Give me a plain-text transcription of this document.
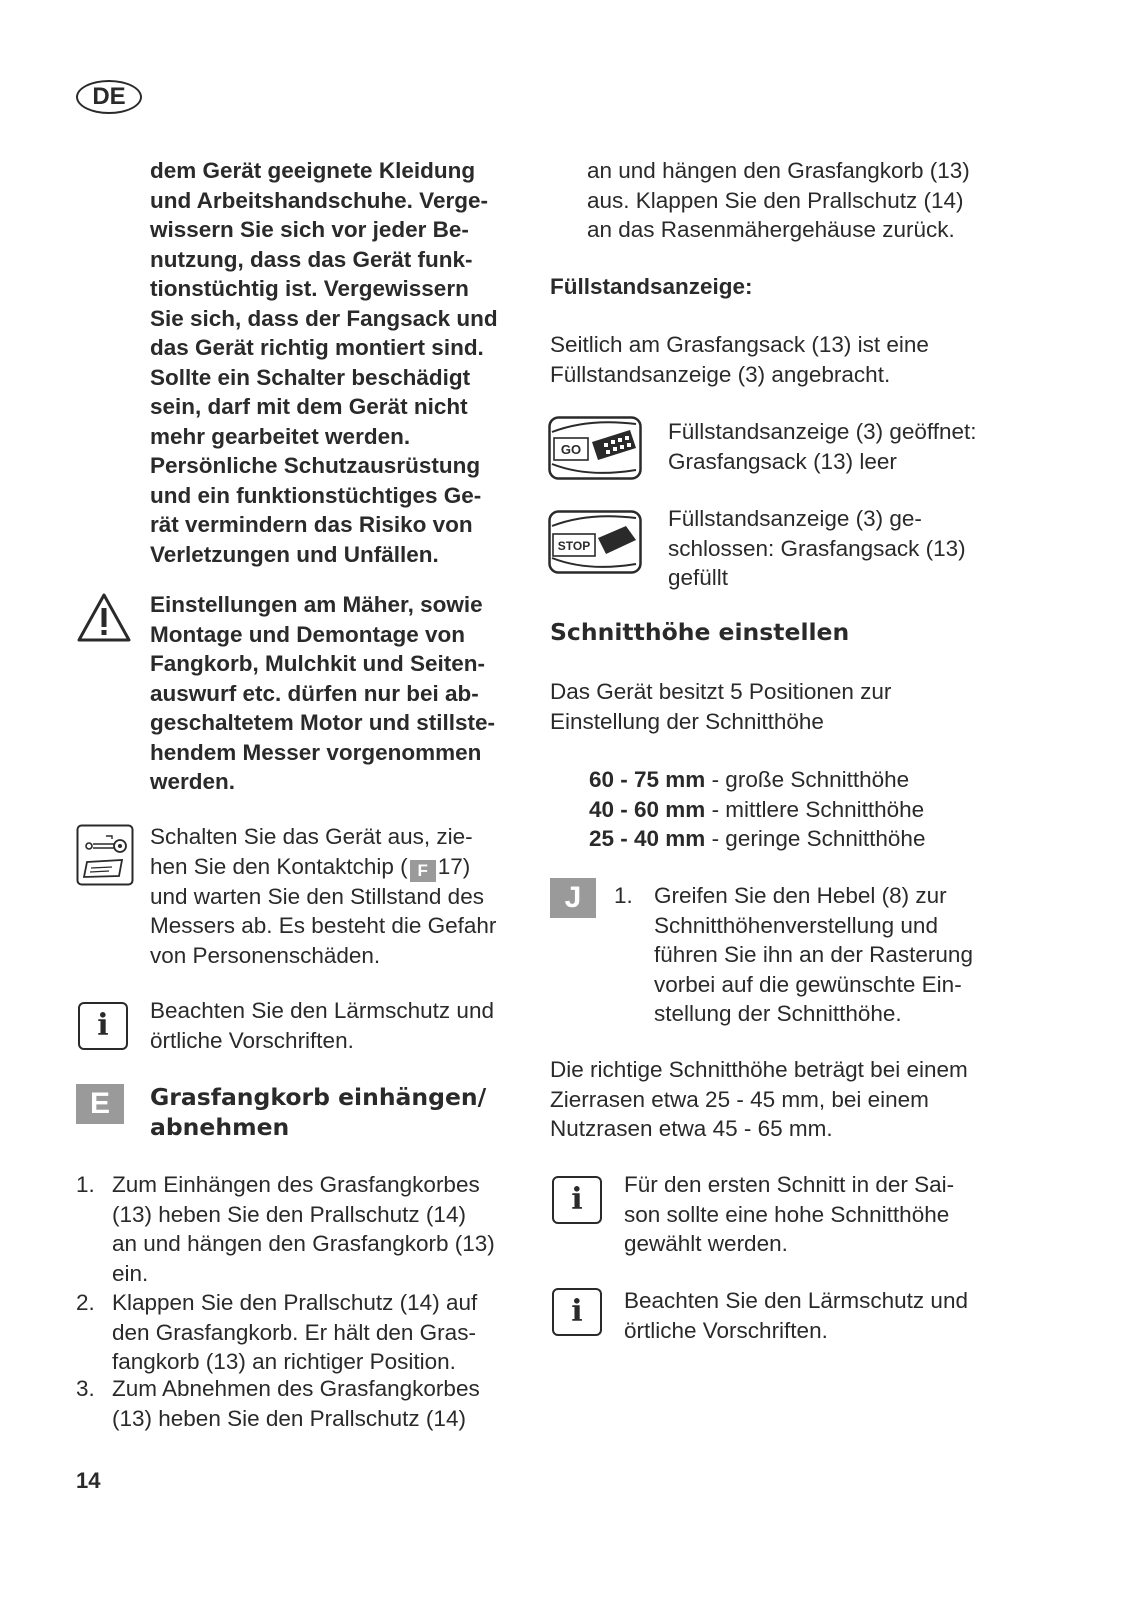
DE
dem Gerät geeignete Kleidung
und Arbeitshandschuhe. Verge-
wissern Sie sich vor jeder Be-
nutzung, dass das Gerät funk-
tionstüchtig ist. Vergewissern
Sie sich, dass der Fangsack und
das Gerät richtig montiert sind.
Sollte ein Schalter beschädigt
sein, darf mit dem Gerät nicht
mehr gearbeitet werden.
Persönliche Schutzausrüstung
und ein funktionstüchtiges Ge-
rät vermindern das Risiko von
Verletzungen und Unfällen.
Einstellungen am Mäher, sowie
Montage und Demontage von
Fangkorb, Mulchkit und Seiten-
auswurf etc. dürfen nur bei ab-
geschaltetem Motor und stillste-
hendem Messer vorgenommen
werden.
Schalten Sie das Gerät aus, zie-
hen Sie den Kontaktchip ( F 17)
und warten Sie den Stillstand des
Messers ab. Es besteht die Gefahr
von Personenschäden.
i	Beachten Sie den Lärmschutz und
örtliche Vorschriften.
E	Grasfangkorb einhängen/
abnehmen
1. Zum Einhängen des Grasfangkorbes
(13) heben Sie den Prallschutz (14)
an und hängen den Grasfangkorb (13)
ein.
2. Klappen Sie den Prallschutz (14) auf
den Grasfangkorb. Er hält den Gras-
fangkorb (13) an richtiger Position.
3. Zum Abnehmen des Grasfangkorbes
(13) heben Sie den Prallschutz (14)
an und hängen den Grasfangkorb (13)
aus. Klappen Sie den Prallschutz (14)
an das Rasenmähergehäuse zurück.
Füllstandsanzeige:
Seitlich am Grasfangsack (13) ist eine
Füllstandsanzeige (3) angebracht.
GO
Füllstandsanzeige (3) geöffnet:
Grasfangsack (13) leer
STOP
Füllstandsanzeige (3) ge-
schlossen: Grasfangsack (13)
gefüllt
Schnitthöhe einstellen
Das Gerät besitzt 5 Positionen zur
Einstellung der Schnitthöhe
60 - 75 mm - große Schnitthöhe
40 - 60 mm - mittlere Schnitthöhe
25 - 40 mm - geringe Schnitthöhe
J	1. Greifen Sie den Hebel (8) zur
Schnitthöhenverstellung und
führen Sie ihn an der Rasterung
vorbei auf die gewünschte Ein-
stellung der Schnitthöhe.
Die richtige Schnitthöhe beträgt bei einem
Zierrasen etwa 25 - 45 mm, bei einem
Nutzrasen etwa 45 - 65 mm.
i	Für den ersten Schnitt in der Sai-
son sollte eine hohe Schnitthöhe
gewählt werden.
i	Beachten Sie den Lärmschutz und
örtliche Vorschriften.
14
